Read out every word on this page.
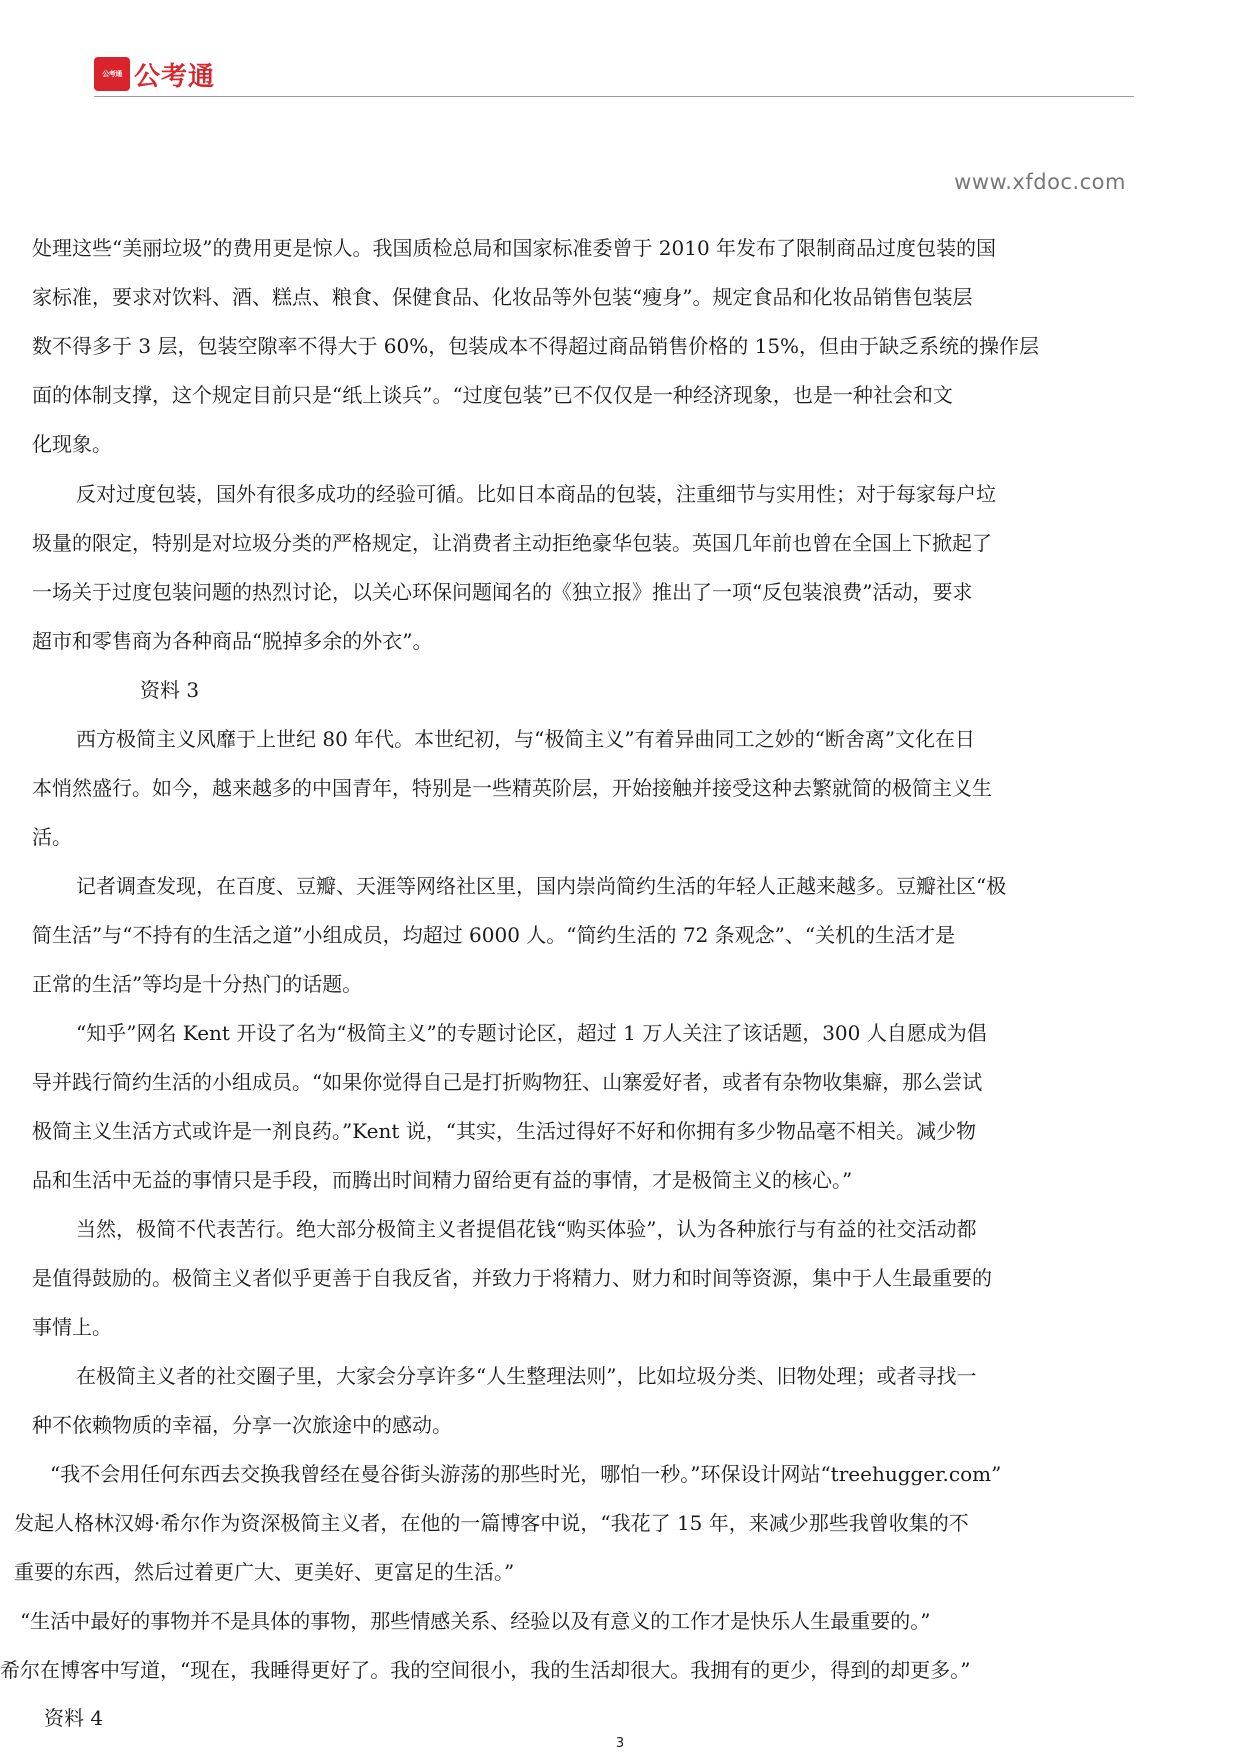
公考通 公考通
www.xfdoc.com
处理这些“美丽垃圾”的费用更是惊人。我国质检总局和国家标准委曾于 2010 年发布了限制商品过度包装的国
家标准，要求对饮料、酒、糕点、粮食、保健食品、化妆品等外包装“瘦身”。规定食品和化妆品销售包装层
数不得多于 3 层，包装空隙率不得大于 60%，包装成本不得超过商品销售价格的 15%，但由于缺乏系统的操作层
面的体制支撑，这个规定目前只是“纸上谈兵”。“过度包装”已不仅仅是一种经济现象，也是一种社会和文
化现象。
反对过度包装，国外有很多成功的经验可循。比如日本商品的包装，注重细节与实用性；对于每家每户垃
圾量的限定，特别是对垃圾分类的严格规定，让消费者主动拒绝豪华包装。英国几年前也曾在全国上下掀起了
一场关于过度包装问题的热烈讨论，以关心环保问题闻名的《独立报》推出了一项“反包装浪费”活动，要求
超市和零售商为各种商品“脱掉多余的外衣”。
资料 3
西方极简主义风靡于上世纪 80 年代。本世纪初，与“极简主义”有着异曲同工之妙的“断舍离”文化在日
本悄然盛行。如今，越来越多的中国青年，特别是一些精英阶层，开始接触并接受这种去繁就简的极简主义生
活。
记者调查发现，在百度、豆瓣、天涯等网络社区里，国内崇尚简约生活的年轻人正越来越多。豆瓣社区“极
简生活”与“不持有的生活之道”小组成员，均超过 6000 人。“简约生活的 72 条观念”、“关机的生活才是
正常的生活”等均是十分热门的话题。
“知乎”网名 Kent 开设了名为“极简主义”的专题讨论区，超过 1 万人关注了该话题，300 人自愿成为倡
导并践行简约生活的小组成员。“如果你觉得自己是打折购物狂、山寨爱好者，或者有杂物收集癖，那么尝试
极简主义生活方式或许是一剂良药。”Kent 说，“其实，生活过得好不好和你拥有多少物品毫不相关。减少物
品和生活中无益的事情只是手段，而腾出时间精力留给更有益的事情，才是极简主义的核心。”
当然，极简不代表苦行。绝大部分极简主义者提倡花钱“购买体验”，认为各种旅行与有益的社交活动都
是值得鼓励的。极简主义者似乎更善于自我反省，并致力于将精力、财力和时间等资源，集中于人生最重要的
事情上。
在极简主义者的社交圈子里，大家会分享许多“人生整理法则”，比如垃圾分类、旧物处理；或者寻找一
种不依赖物质的幸福，分享一次旅途中的感动。
“我不会用任何东西去交换我曾经在曼谷街头游荡的那些时光，哪怕一秒。”环保设计网站“treehugger.com”
发起人格林汉姆·希尔作为资深极简主义者，在他的一篇博客中说，“我花了 15 年，来减少那些我曾收集的不
重要的东西，然后过着更广大、更美好、更富足的生活。”
“生活中最好的事物并不是具体的事物，那些情感关系、经验以及有意义的工作才是快乐人生最重要的。”
希尔在博客中写道，“现在，我睡得更好了。我的空间很小，我的生活却很大。我拥有的更少，得到的却更多。”
资料 4
3
